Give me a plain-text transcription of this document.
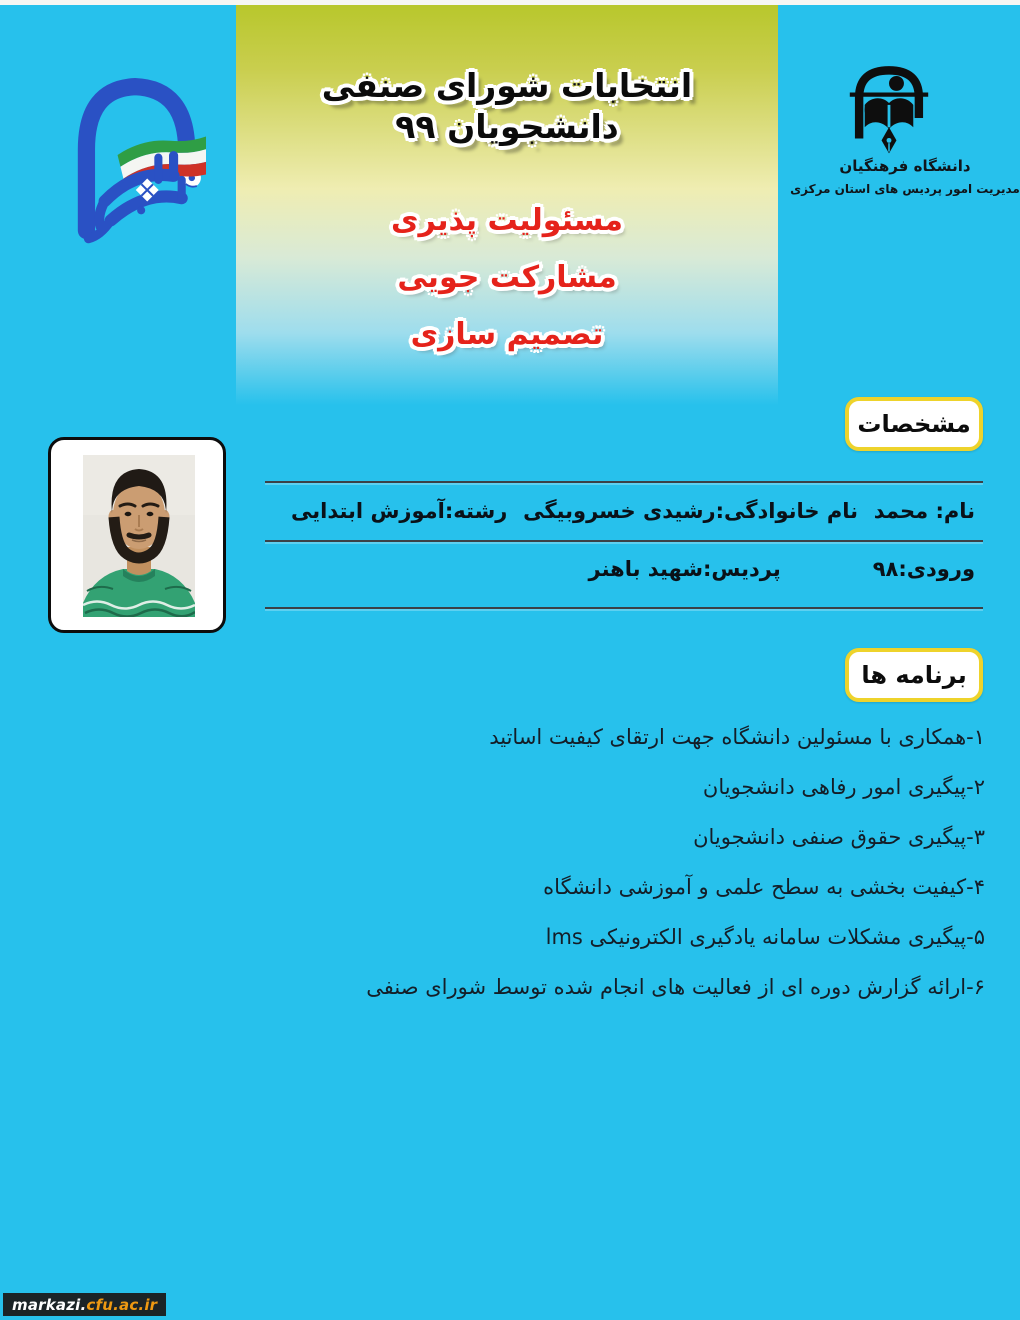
انتخابات شورای صنفی دانشجویان ۹۹
مسئولیت پذیری
مشارکت جویی
تصمیم سازی
دانشگاه فرهنگیان
مدیریت امور پردیس های استان مرکزی
مشخصات
نام: محمد
نام خانوادگی:رشیدی خسروبیگی
رشته:آموزش ابتدایی
ورودی:۹۸
پردیس:شهید باهنر
برنامه ها
۱-همکاری با مسئولین دانشگاه جهت ارتقای کیفیت اساتید
۲-پیگیری امور رفاهی دانشجویان
۳-پیگیری حقوق صنفی دانشجویان
۴-کیفیت بخشی به سطح علمی و آموزشی دانشگاه
۵-پیگیری مشکلات سامانه یادگیری الکترونیکی lms
۶-ارائه گزارش دوره ای از فعالیت های انجام شده توسط شورای صنفی
markazi. cfu.ac.ir
